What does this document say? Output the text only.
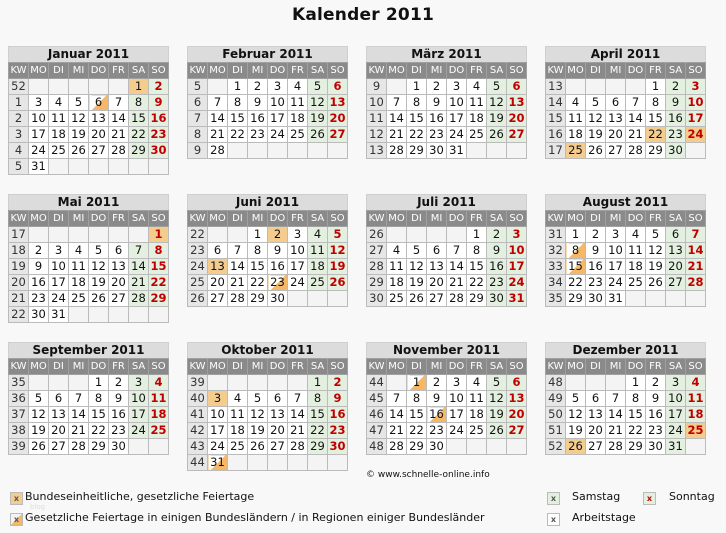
Kalender 2011
Januar 2011
KW	MO	DI	MI	DO	FR	SA	SO
52						1	2
1	3	4	5	6	7	8	9
2	10	11	12	13	14	15	16
3	17	18	19	20	21	22	23
4	24	25	26	27	28	29	30
5	31						
Februar 2011
KW	MO	DI	MI	DO	FR	SA	SO
5		1	2	3	4	5	6
6	7	8	9	10	11	12	13
7	14	15	16	17	18	19	20
8	21	22	23	24	25	26	27
9	28						
März 2011
KW	MO	DI	MI	DO	FR	SA	SO
9		1	2	3	4	5	6
10	7	8	9	10	11	12	13
11	14	15	16	17	18	19	20
12	21	22	23	24	25	26	27
13	28	29	30	31			
April 2011
KW	MO	DI	MI	DO	FR	SA	SO
13					1	2	3
14	4	5	6	7	8	9	10
15	11	12	13	14	15	16	17
16	18	19	20	21	22	23	24
17	25	26	27	28	29	30	
Mai 2011
KW	MO	DI	MI	DO	FR	SA	SO
17							1
18	2	3	4	5	6	7	8
19	9	10	11	12	13	14	15
20	16	17	18	19	20	21	22
21	23	24	25	26	27	28	29
22	30	31					
Juni 2011
KW	MO	DI	MI	DO	FR	SA	SO
22			1	2	3	4	5
23	6	7	8	9	10	11	12
24	13	14	15	16	17	18	19
25	20	21	22	23	24	25	26
26	27	28	29	30			
Juli 2011
KW	MO	DI	MI	DO	FR	SA	SO
26					1	2	3
27	4	5	6	7	8	9	10
28	11	12	13	14	15	16	17
29	18	19	20	21	22	23	24
30	25	26	27	28	29	30	31
August 2011
KW	MO	DI	MI	DO	FR	SA	SO
31	1	2	3	4	5	6	7
32	8	9	10	11	12	13	14
33	15	16	17	18	19	20	21
34	22	23	24	25	26	27	28
35	29	30	31				
September 2011
KW	MO	DI	MI	DO	FR	SA	SO
35				1	2	3	4
36	5	6	7	8	9	10	11
37	12	13	14	15	16	17	18
38	19	20	21	22	23	24	25
39	26	27	28	29	30		
Oktober 2011
KW	MO	DI	MI	DO	FR	SA	SO
39						1	2
40	3	4	5	6	7	8	9
41	10	11	12	13	14	15	16
42	17	18	19	20	21	22	23
43	24	25	26	27	28	29	30
44	31						
November 2011
KW	MO	DI	MI	DO	FR	SA	SO
44		1	2	3	4	5	6
45	7	8	9	10	11	12	13
46	14	15	16	17	18	19	20
47	21	22	23	24	25	26	27
48	28	29	30				
Dezember 2011
KW	MO	DI	MI	DO	FR	SA	SO
48				1	2	3	4
49	5	6	7	8	9	10	11
50	12	13	14	15	16	17	18
51	19	20	21	22	23	24	25
52	26	27	28	29	30	31	
© www.schnelle-online.info
blog
x Bundeseinheitliche, gesetzliche Feiertage
x Gesetzliche Feiertage in einigen Bundesländern / in Regionen einiger Bundesländer
x	Samstag	x	Sonntag
x	Arbeitstage
